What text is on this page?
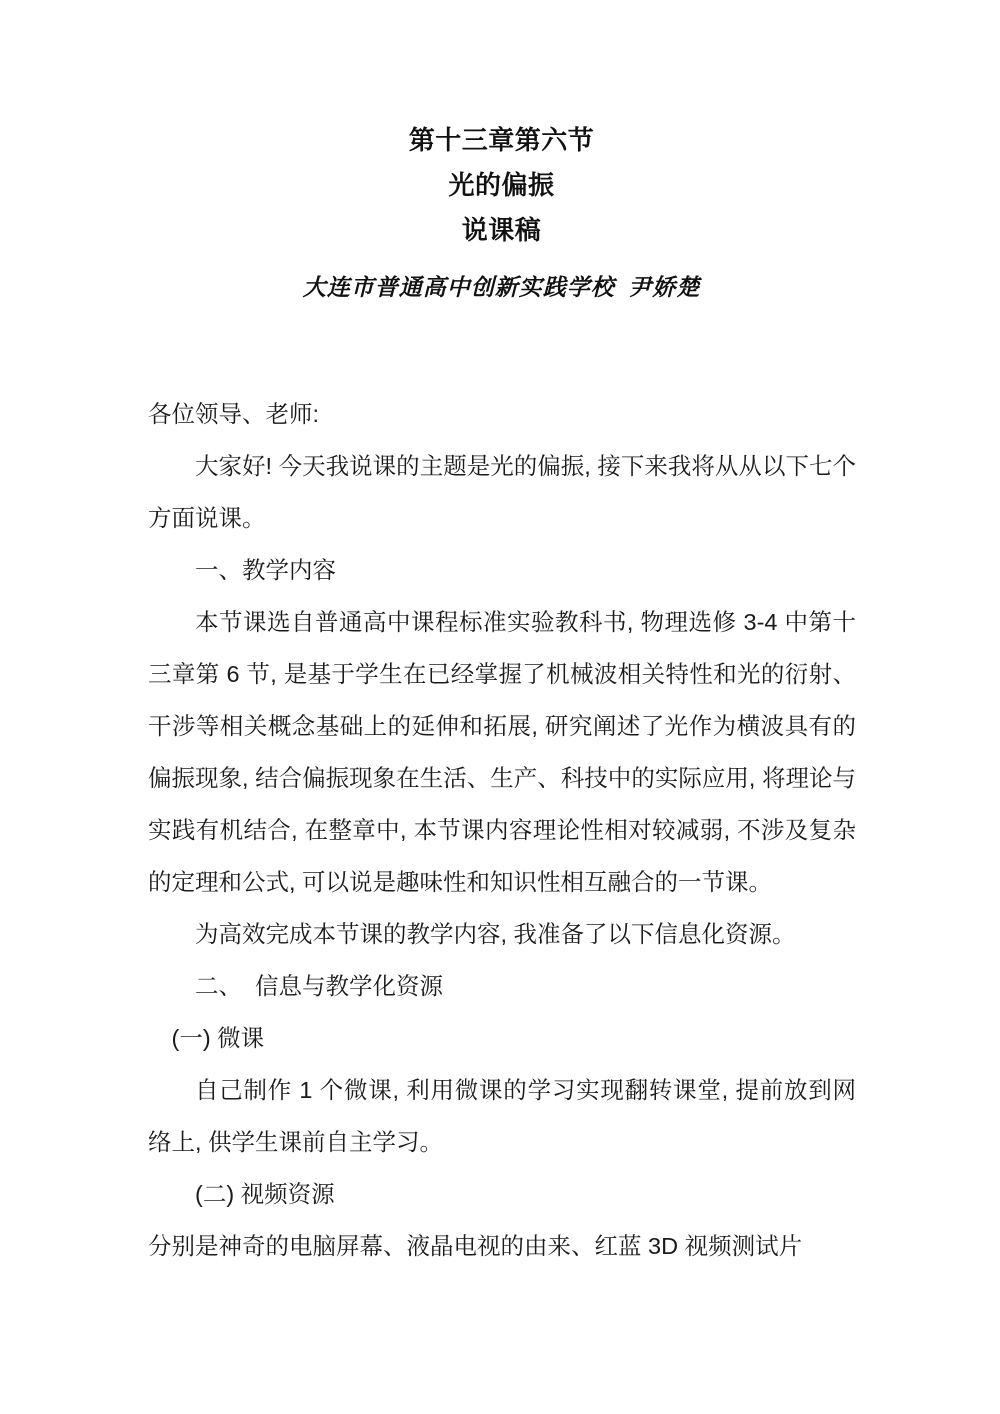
第十三章第六节
光的偏振
说课稿
大连市普通高中创新实践学校  尹娇楚

各位领导、老师:

大家好! 今天我说课的主题是光的偏振, 接下来我将从从以下七个方面说课。

一、教学内容

本节课选自普通高中课程标准实验教科书, 物理选修 3-4 中第十三章第 6 节, 是基于学生在已经掌握了机械波相关特性和光的衍射、干涉等相关概念基础上的延伸和拓展, 研究阐述了光作为横波具有的偏振现象, 结合偏振现象在生活、生产、科技中的实际应用, 将理论与实践有机结合, 在整章中, 本节课内容理论性相对较减弱, 不涉及复杂的定理和公式, 可以说是趣味性和知识性相互融合的一节课。

为高效完成本节课的教学内容, 我准备了以下信息化资源。

二、  信息与教学化资源

(一) 微课

自己制作 1 个微课, 利用微课的学习实现翻转课堂, 提前放到网络上, 供学生课前自主学习。

(二) 视频资源

分别是神奇的电脑屏幕、液晶电视的由来、红蓝 3D 视频测试片
